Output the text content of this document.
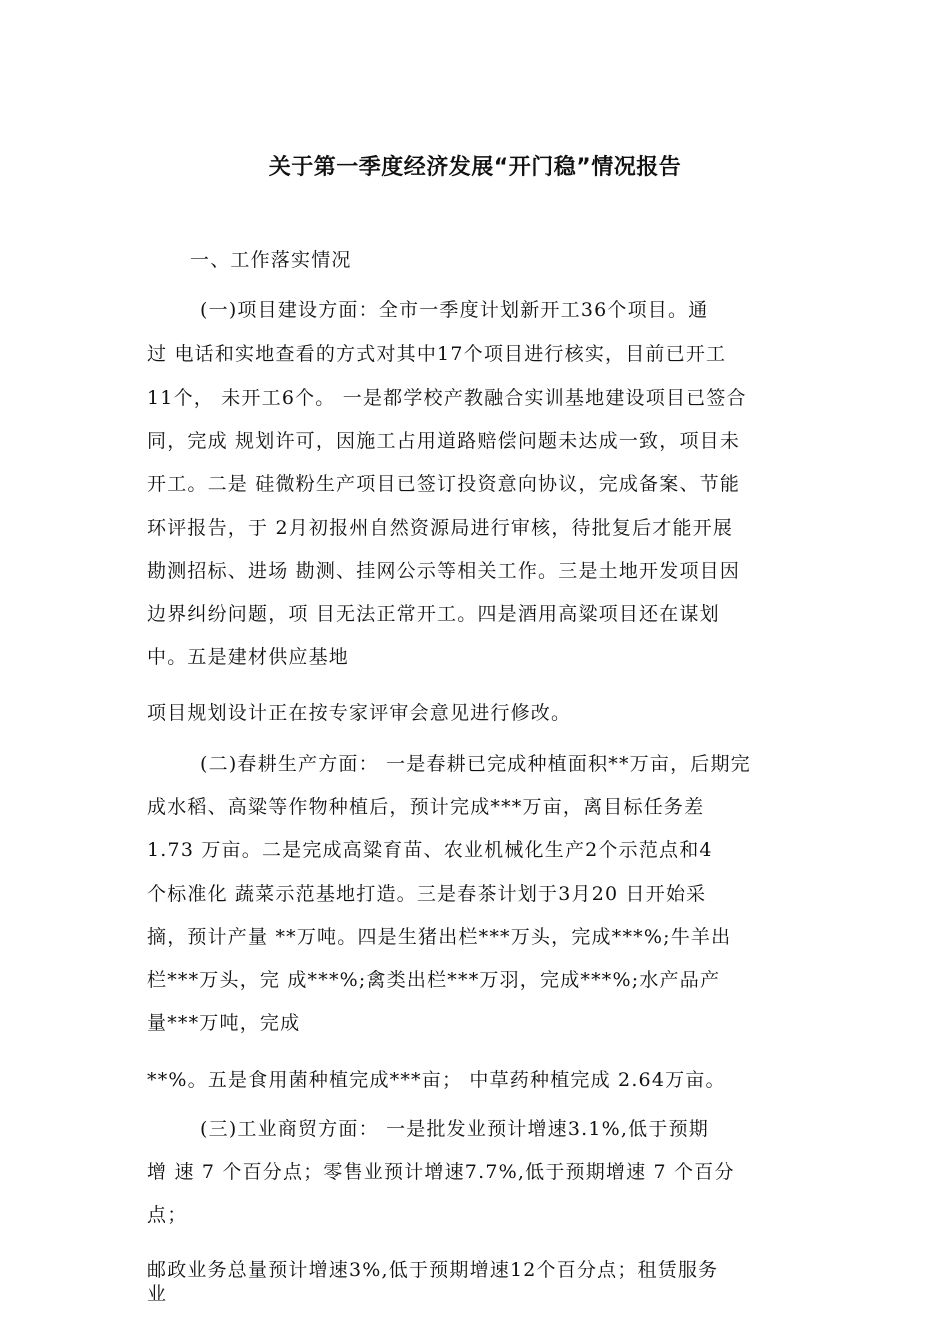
关于第一季度经济发展“开门稳”情况报告
一、工作落实情况
(一)项目建设方面：全市一季度计划新开工36个项目。通
过 电话和实地查看的方式对其中17个项目进行核实，目前已开工
11个， 未开工6个。 一是都学校产教融合实训基地建设项目已签合
同，完成 规划许可，因施工占用道路赔偿问题未达成一致，项目未
开工。二是 硅微粉生产项目已签订投资意向协议，完成备案、节能
环评报告，于 2月初报州自然资源局进行审核，待批复后才能开展
勘测招标、进场 勘测、挂网公示等相关工作。三是土地开发项目因
边界纠纷问题，项 目无法正常开工。四是酒用高粱项目还在谋划
中。五是建材供应基地
项目规划设计正在按专家评审会意见进行修改。
(二)春耕生产方面： 一是春耕已完成种植面积**万亩，后期完
成水稻、高粱等作物种植后，预计完成***万亩，离目标任务差
1.73 万亩。二是完成高粱育苗、农业机械化生产2个示范点和4
个标准化 蔬菜示范基地打造。三是春茶计划于3月20 日开始采
摘，预计产量 **万吨。四是生猪出栏***万头，完成***%;牛羊出
栏***万头，完 成***%;禽类出栏***万羽，完成***%;水产品产
量***万吨，完成
**%。五是食用菌种植完成***亩； 中草药种植完成 2.64万亩。
(三)工业商贸方面： 一是批发业预计增速3.1%,低于预期
增 速 7 个百分点；零售业预计增速7.7%,低于预期增速 7 个百分
点；
邮政业务总量预计增速3%,低于预期增速12个百分点；租赁服务
业
